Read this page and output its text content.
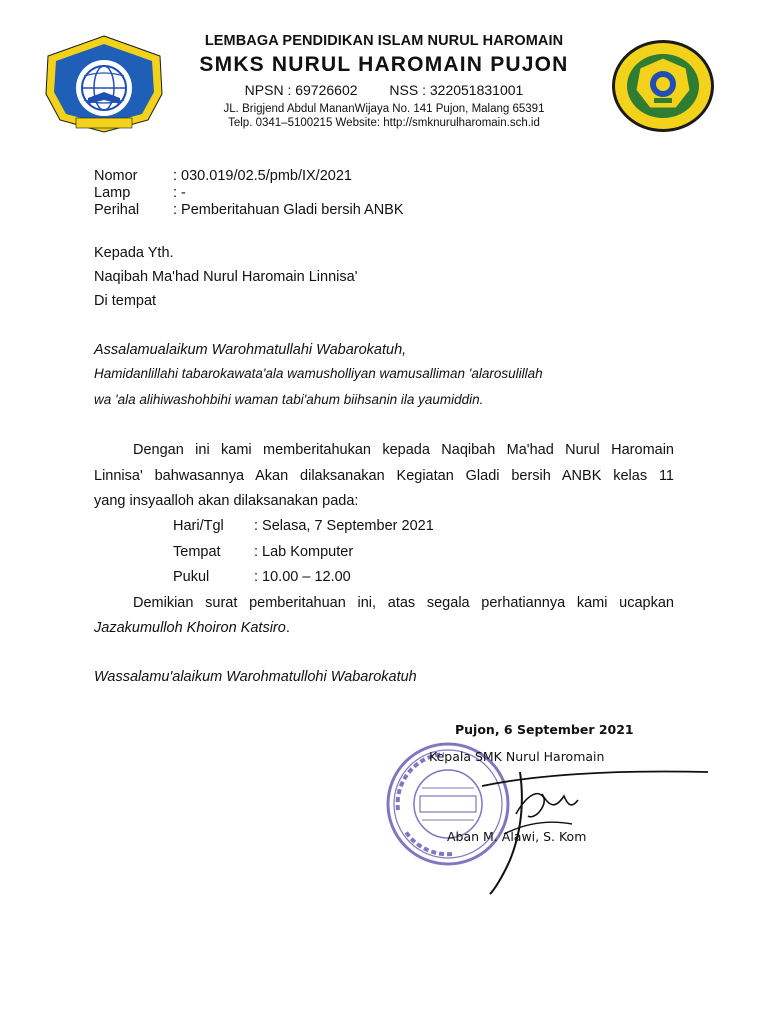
LEMBAGA PENDIDIKAN ISLAM NURUL HAROMAIN
SMKS NURUL HAROMAIN PUJON
NPSN : 69726602 NSS : 322051831001
JL. Brigjend Abdul MananWijaya No. 141 Pujon, Malang 65391
Telp. 0341–5100215 Website: http://smknurulharomain.sch.id
Nomor : 030.019/02.5/pmb/IX/2021
Lamp	: -
Perihal : Pemberitahuan Gladi bersih ANBK
Kepada Yth.
Naqibah Ma'had Nurul Haromain Linnisa'
Di tempat
Assalamualaikum Warohmatullahi Wabarokatuh,
Hamidanlillahi tabarokawata'ala wamusholliyan wamusalliman 'alarosulillah
wa 'ala alihiwashohbihi waman tabi'ahum biihsanin ila yaumiddin.
Dengan ini kami memberitahukan kepada Naqibah Ma'had Nurul Haromain
Linnisa' bahwasannya Akan dilaksanakan Kegiatan Gladi bersih ANBK kelas 11
yang insyaalloh akan dilaksanakan pada:
Hari/Tgl : Selasa, 7 September 2021
Tempat : Lab Komputer
Pukul	: 10.00 – 12.00
Demikian surat pemberitahuan ini, atas segala perhatiannya kami ucapkan
Jazakumulloh Khoiron Katsiro.
Wassalamu'alaikum Warohmatullohi Wabarokatuh
Pujon, 6 September 2021
Kepala SMK Nurul Haromain
Aban M. Alawi, S. Kom
